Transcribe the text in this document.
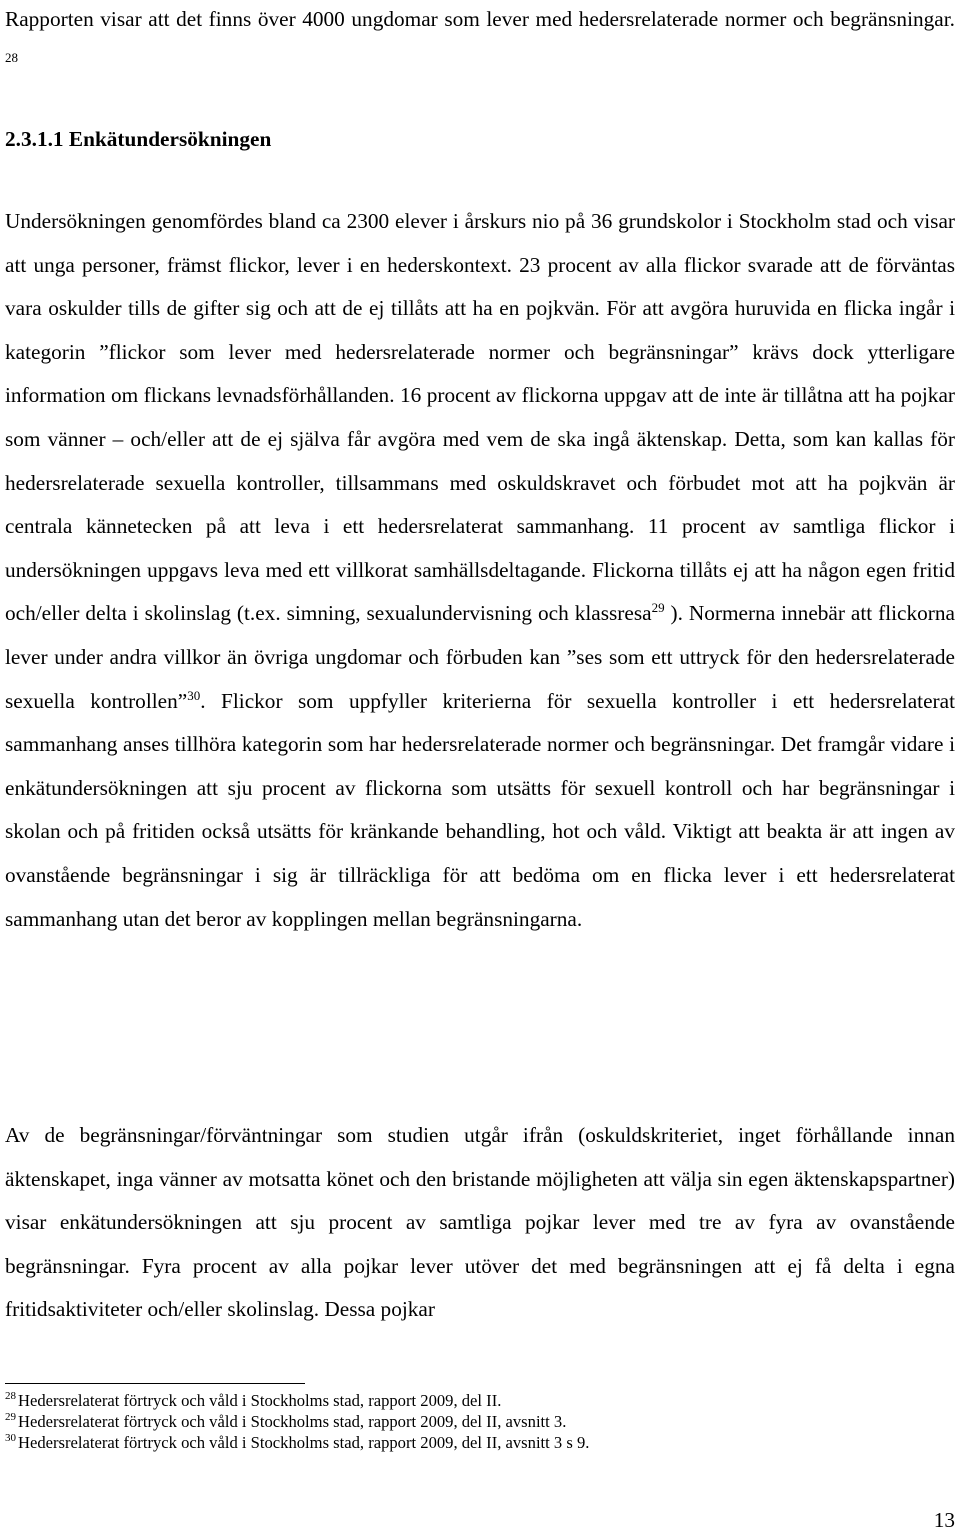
Rapporten visar att det finns över 4000 ungdomar som lever med hedersrelaterade normer och begränsningar. $^{28}$

2.3.1.1 Enkätundersökningen

Undersökningen genomfördes bland ca 2300 elever i årskurs nio på 36 grundskolor i Stockholm stad och visar att unga personer, främst flickor, lever i en hederskontext. 23 procent av alla flickor svarade att de förväntas vara oskulder tills de gifter sig och att de ej tillåts att ha en pojkvän. För att avgöra huruvida en flicka ingår i kategorin ”flickor som lever med hedersrelaterade normer och begränsningar” krävs dock ytterligare information om flickans levnadsförhållanden. 16 procent av flickorna uppgav att de inte är tillåtna att ha pojkar som vänner – och/eller att de ej själva får avgöra med vem de ska ingå äktenskap. Detta, som kan kallas för hedersrelaterade sexuella kontroller, tillsammans med oskuldskravet och förbudet mot att ha pojkvän är centrala kännetecken på att leva i ett hedersrelaterat sammanhang. 11 procent av samtliga flickor i undersökningen uppgavs leva med ett villkorat samhällsdeltagande. Flickorna tillåts ej att ha någon egen fritid och/eller delta i skolinslag (t.ex. simning, sexualundervisning och klassresa$^{29}$ ). Normerna innebär att flickorna lever under andra villkor än övriga ungdomar och förbuden kan ”ses som ett uttryck för den hedersrelaterade sexuella kontrollen”$^{30}$. Flickor som uppfyller kriterierna för sexuella kontroller i ett hedersrelaterat sammanhang anses tillhöra kategorin som har hedersrelaterade normer och begränsningar. Det framgår vidare i enkätundersökningen att sju procent av flickorna som utsätts för sexuell kontroll och har begränsningar i skolan och på fritiden också utsätts för kränkande behandling, hot och våld. Viktigt att beakta är att ingen av ovanstående begränsningar i sig är tillräckliga för att bedöma om en flicka lever i ett hedersrelaterat sammanhang utan det beror av kopplingen mellan begränsningarna.

Av de begränsningar/förväntningar som studien utgår ifrån (oskuldskriteriet, inget förhållande innan äktenskapet, inga vänner av motsatta könet och den bristande möjligheten att välja sin egen äktenskapspartner) visar enkätundersökningen att sju procent av samtliga pojkar lever med tre av fyra av ovanstående begränsningar. Fyra procent av alla pojkar lever utöver det med begränsningen att ej få delta i egna fritidsaktiviteter och/eller skolinslag. Dessa pojkar

$^{28}$ Hedersrelaterat förtryck och våld i Stockholms stad, rapport 2009, del II.

$^{29}$ Hedersrelaterat förtryck och våld i Stockholms stad, rapport 2009, del II, avsnitt 3.

$^{30}$ Hedersrelaterat förtryck och våld i Stockholms stad, rapport 2009, del II, avsnitt 3 s 9.

13
